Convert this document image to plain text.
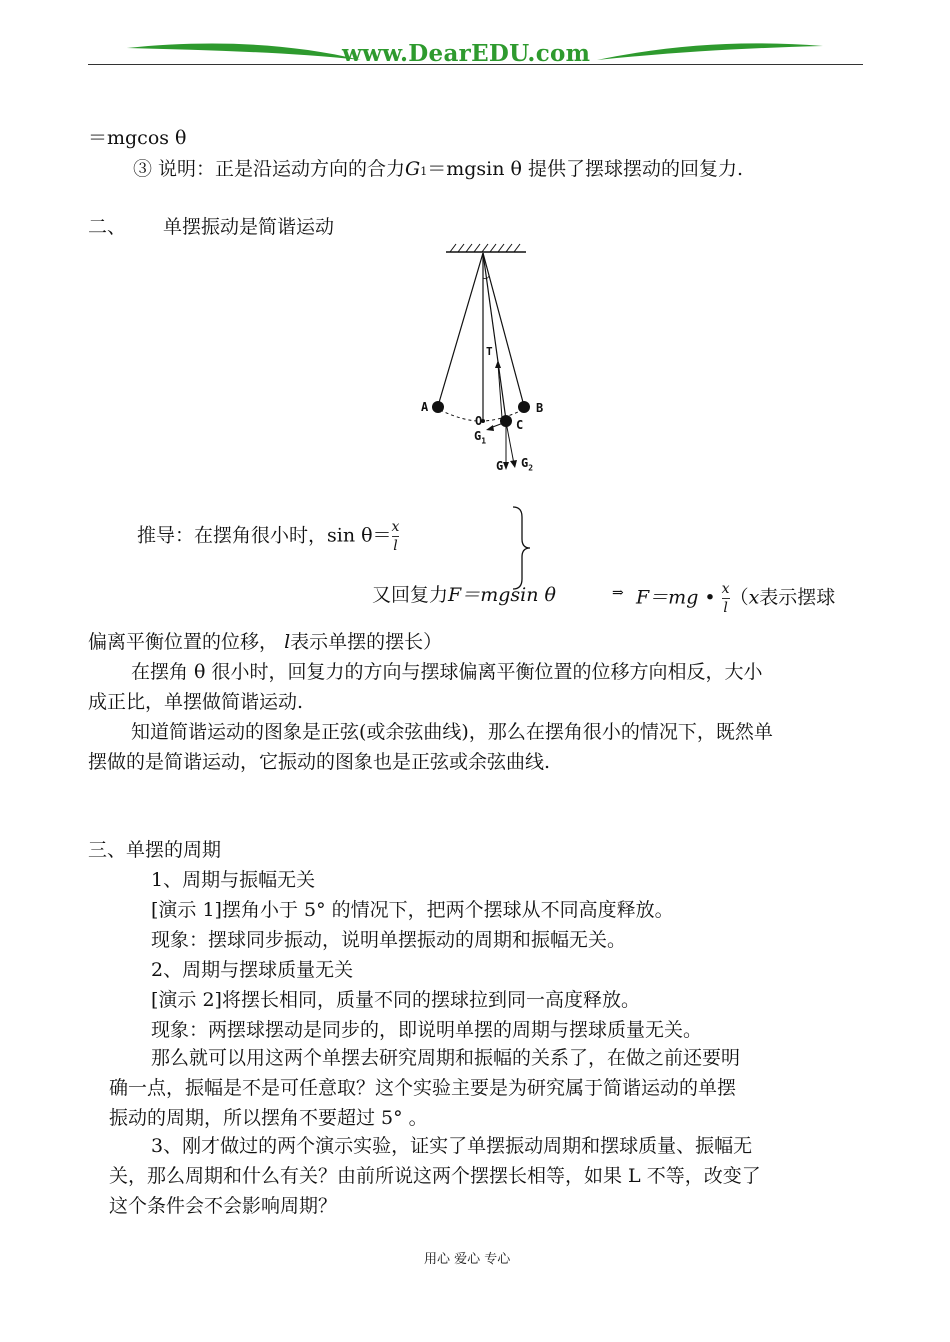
www.DearEDU.com
＝mgcos θ
③ 说明：正是沿运动方向的合力G1＝mgsin θ 提供了摆球摆动的回复力.
二、 单摆振动是简谐运动
T
A
O
B
C
$G_1$
G $G_2$
推导：在摆角很小时，$\sin \theta= \frac{x}{l}$
又回复力F＝mgsin θ	⇒ F＝mg • $\frac{x}{l} (x$表示摆球
偏离平衡位置的位移， l表示单摆的摆长）
在摆角 θ 很小时，回复力的方向与摆球偏离平衡位置的位移方向相反，大小
成正比，单摆做简谐运动.
知道简谐运动的图象是正弦(或余弦曲线)，那么在摆角很小的情况下，既然单
摆做的是简谐运动，它振动的图象也是正弦或余弦曲线.
三、单摆的周期
1、周期与振幅无关
[演示 1]摆角小于 5° 的情况下，把两个摆球从不同高度释放。
现象：摆球同步振动，说明单摆振动的周期和振幅无关。
2、周期与摆球质量无关
[演示 2]将摆长相同，质量不同的摆球拉到同一高度释放。
现象：两摆球摆动是同步的，即说明单摆的周期与摆球质量无关。
那么就可以用这两个单摆去研究周期和振幅的关系了，在做之前还要明
确一点，振幅是不是可任意取？这个实验主要是为研究属于简谐运动的单摆
振动的周期，所以摆角不要超过 5° 。
3、刚才做过的两个演示实验，证实了单摆振动周期和摆球质量、振幅无
关，那么周期和什么有关？由前所说这两个摆摆长相等，如果 L 不等，改变了
这个条件会不会影响周期？
用心 爱心 专心
